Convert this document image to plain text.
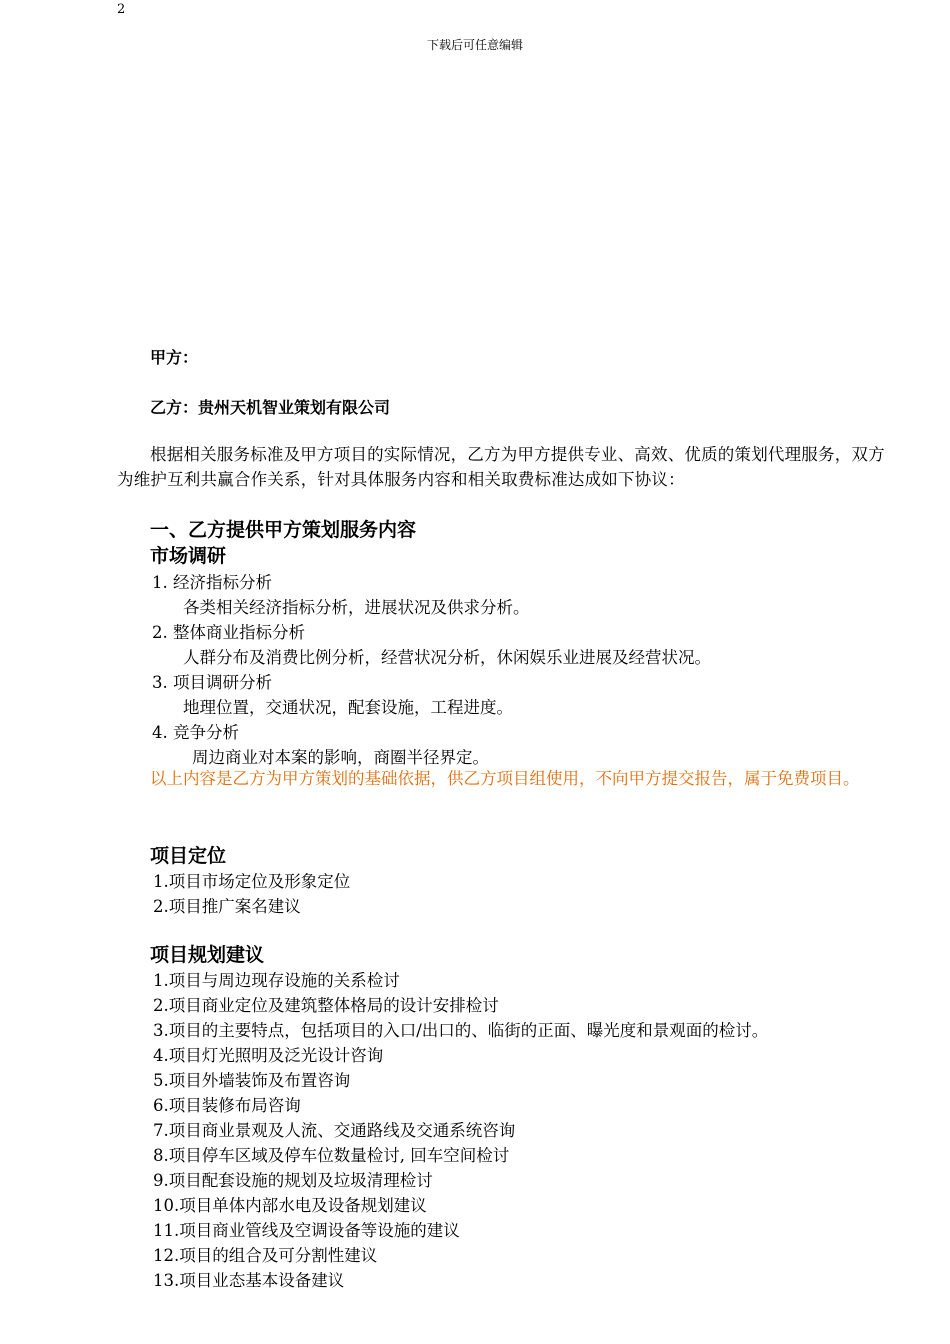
2
下载后可任意编辑
甲方：
乙方：贵州天机智业策划有限公司
根据相关服务标准及甲方项目的实际情况，乙方为甲方提供专业、高效、优质的策划代理服务，双方为维护互利共赢合作关系，针对具体服务内容和相关取费标准达成如下协议：
一、乙方提供甲方策划服务内容
市场调研
1. 经济指标分析
各类相关经济指标分析，进展状况及供求分析。
2. 整体商业指标分析
人群分布及消费比例分析，经营状况分析，休闲娱乐业进展及经营状况。
3. 项目调研分析
地理位置，交通状况，配套设施，工程进度。
4. 竞争分析
周边商业对本案的影响，商圈半径界定。
以上内容是乙方为甲方策划的基础依据，供乙方项目组使用，不向甲方提交报告，属于免费项目。
项目定位
1.项目市场定位及形象定位
2.项目推广案名建议
项目规划建议
1.项目与周边现存设施的关系检讨
2.项目商业定位及建筑整体格局的设计安排检讨
3.项目的主要特点，包括项目的入口/出口的、临街的正面、曝光度和景观面的检讨。
4.项目灯光照明及泛光设计咨询
5.项目外墙装饰及布置咨询
6.项目装修布局咨询
7.项目商业景观及人流、交通路线及交通系统咨询
8.项目停车区域及停车位数量检讨, 回车空间检讨
9.项目配套设施的规划及垃圾清理检讨
10.项目单体内部水电及设备规划建议
11.项目商业管线及空调设备等设施的建议
12.项目的组合及可分割性建议
13.项目业态基本设备建议
